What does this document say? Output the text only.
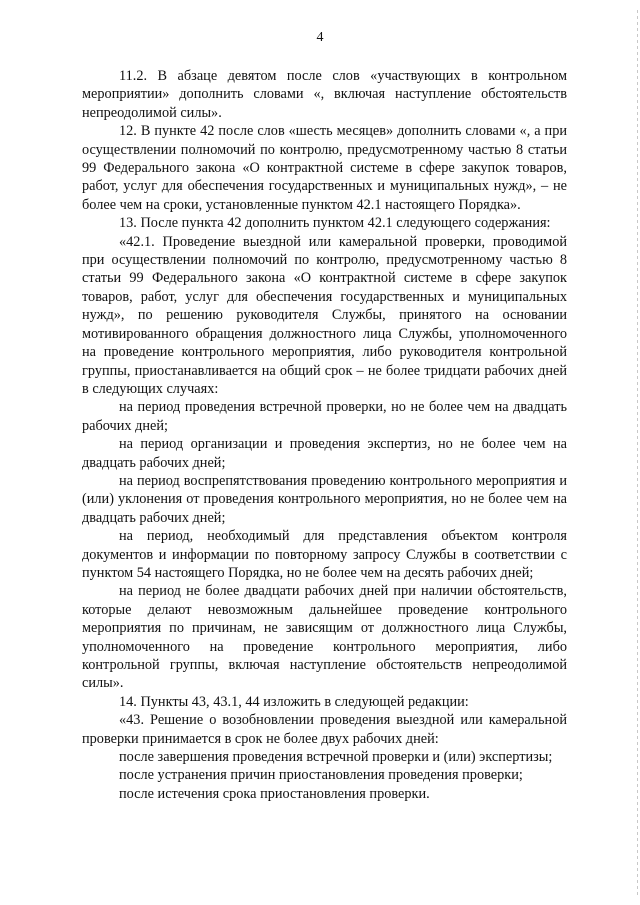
4

11.2. В абзаце девятом после слов «участвующих в контрольном мероприятии» дополнить словами «, включая наступление обстоятельств непреодолимой силы».

12. В пункте 42 после слов «шесть месяцев» дополнить словами «, а при осуществлении полномочий по контролю, предусмотренному частью 8 статьи 99 Федерального закона «О контрактной системе в сфере закупок товаров, работ, услуг для обеспечения государственных и муниципальных нужд», – не более чем на сроки, установленные пунктом 42.1 настоящего Порядка».

13. После пункта 42 дополнить пунктом 42.1 следующего содержания:

«42.1. Проведение выездной или камеральной проверки, проводимой при осуществлении полномочий по контролю, предусмотренному частью 8 статьи 99 Федерального закона «О контрактной системе в сфере закупок товаров, работ, услуг для обеспечения государственных и муниципальных нужд», по решению руководителя Службы, принятого на основании мотивированного обращения должностного лица Службы, уполномоченного на проведение контрольного мероприятия, либо руководителя контрольной группы, приостанавливается на общий срок – не более тридцати рабочих дней в следующих случаях:

на период проведения встречной проверки, но не более чем на двадцать рабочих дней;

на период организации и проведения экспертиз, но не более чем на двадцать рабочих дней;

на период воспрепятствования проведению контрольного мероприятия и (или) уклонения от проведения контрольного мероприятия, но не более чем на двадцать рабочих дней;

на период, необходимый для представления объектом контроля документов и информации по повторному запросу Службы в соответствии с пунктом 54 настоящего Порядка, но не более чем на десять рабочих дней;

на период не более двадцати рабочих дней при наличии обстоятельств, которые делают невозможным дальнейшее проведение контрольного мероприятия по причинам, не зависящим от должностного лица Службы, уполномоченного на проведение контрольного мероприятия, либо контрольной группы, включая наступление обстоятельств непреодолимой силы».

14. Пункты 43, 43.1, 44 изложить в следующей редакции:

«43. Решение о возобновлении проведения выездной или камеральной проверки принимается в срок не более двух рабочих дней:

после завершения проведения встречной проверки и (или) экспертизы;

после устранения причин приостановления проведения проверки;

после истечения срока приостановления проверки.
